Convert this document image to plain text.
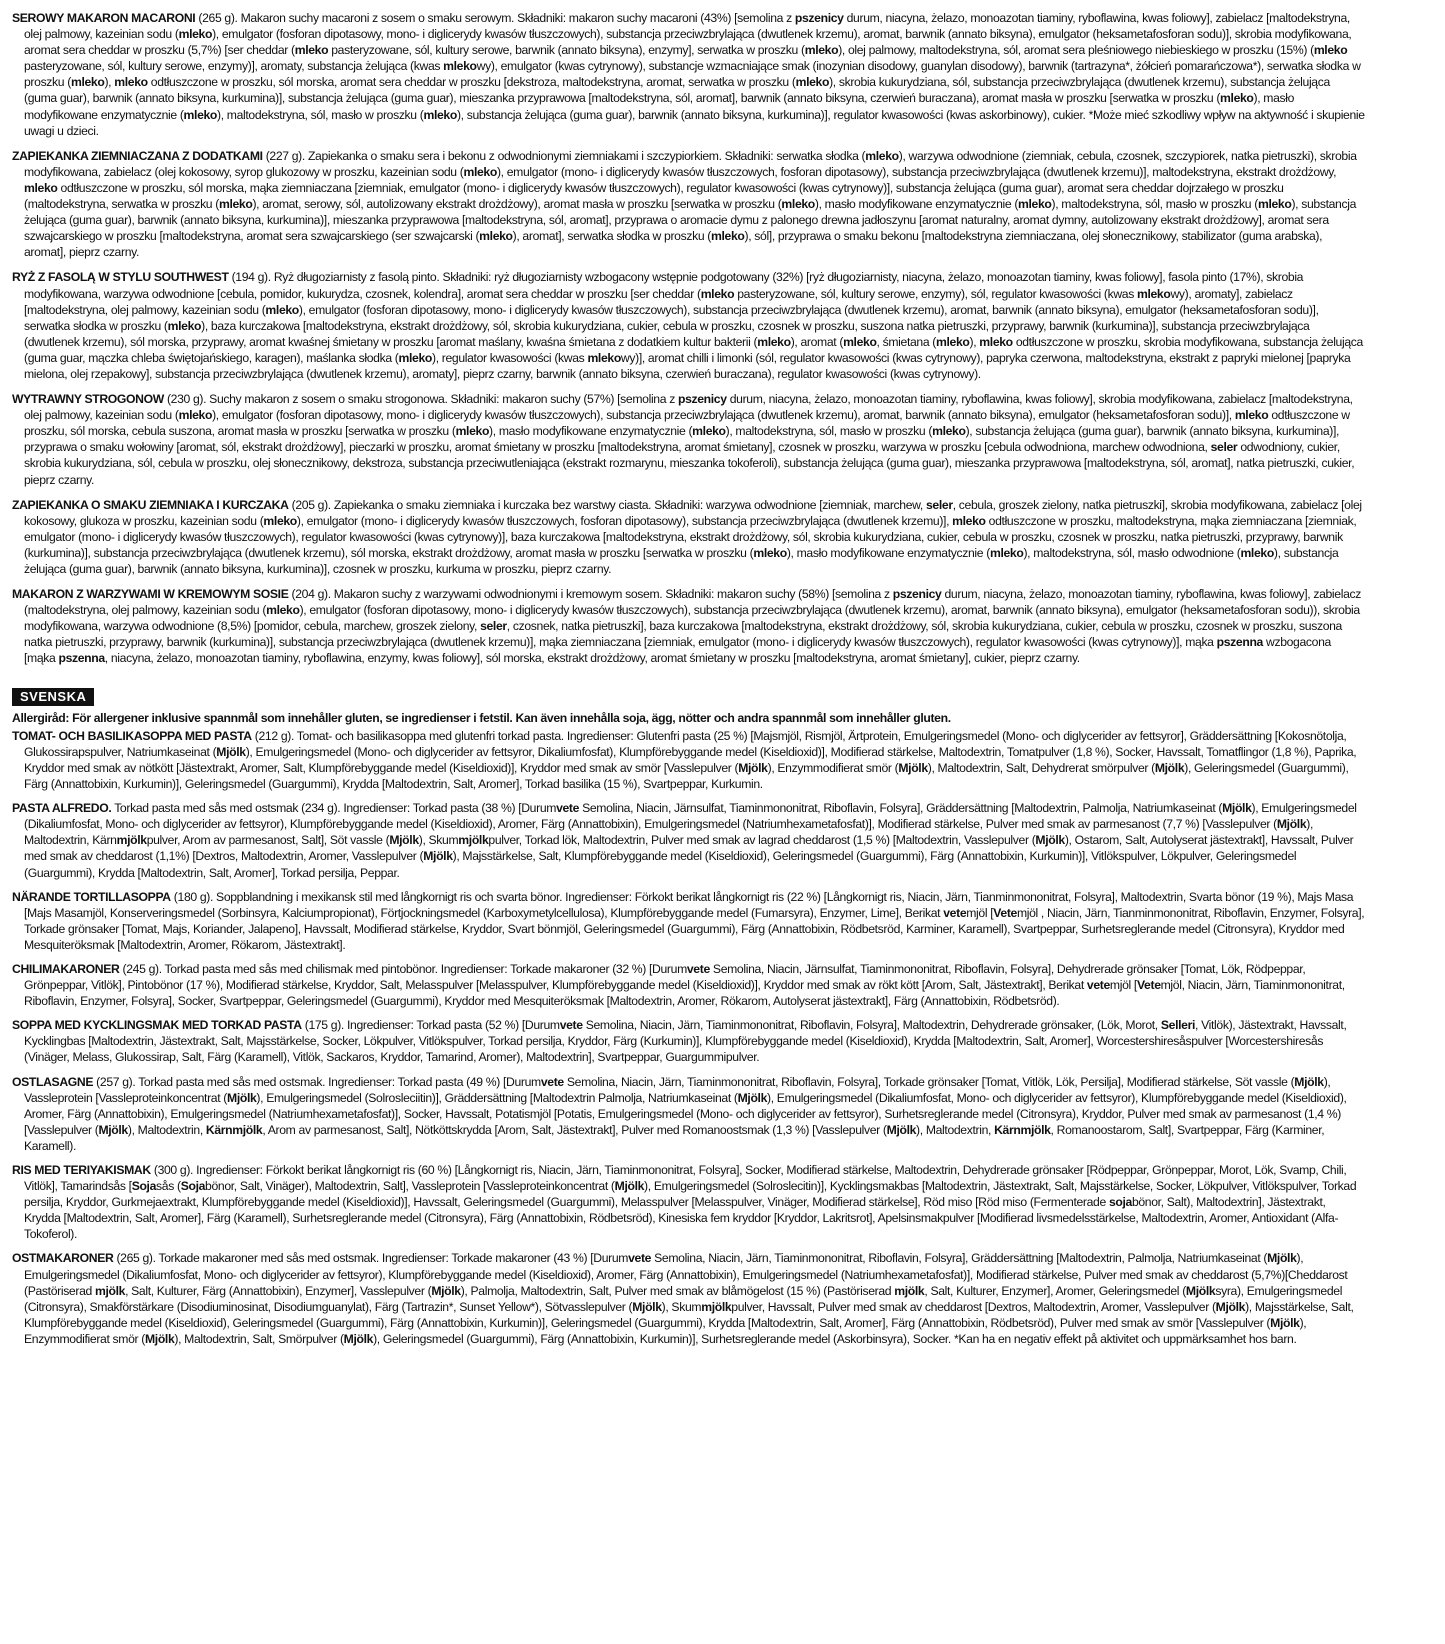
SEROWY MAKARON MACARONI (265 g). Makaron suchy macaroni z sosem o smaku serowym. Składniki: makaron suchy macaroni (43%) [semolina z pszenicy durum, niacyna, żelazo, monoazotan tiaminy, ryboflawina, kwas foliowy], zabielacz [maltodekstryna, olej palmowy, kazeinian sodu (mleko), emulgator (fosforan dipotasowy, mono- i diglicerydy kwasów tłuszczowych), substancja przeciwzbrylająca (dwutlenek krzemu), aromat, barwnik (annato biksyna), emulgator (heksametafosforan sodu)], skrobia modyfikowana, aromat sera cheddar w proszku (5,7%) [ser cheddar (mleko pasteryzowane, sól, kultury serowe, barwnik (annato biksyna), enzymy], serwatka w proszku (mleko), olej palmowy, maltodekstryna, sól, aromat sera pleśniowego niebieskiego w proszku (15%) (mleko pasteryzowane, sól, kultury serowe, enzymy)], aromaty, substancja żelująca (kwas mlekowy), emulgator (kwas cytrynowy), substancje wzmacniające smak (inozynian disodowy, guanylan disodowy), barwnik (tartrazyna*, żółcień pomarańczowa*), serwatka słodka w proszku (mleko), mleko odtłuszczone w proszku, sól morska, aromat sera cheddar w proszku [dekstroza, maltodekstryna, aromat, serwatka w proszku (mleko), skrobia kukurydziana, sól, substancja przeciwzbrylająca (dwutlenek krzemu), substancja żelująca (guma guar), barwnik (annato biksyna, kurkumina)], substancja żelująca (guma guar), mieszanka przyprawowa [maltodekstryna, sól, aromat], barwnik (annato biksyna, czerwień buraczana), aromat masła w proszku [serwatka w proszku (mleko), masło modyfikowane enzymatycznie (mleko), maltodekstryna, sól, masło w proszku (mleko), substancja żelująca (guma guar), barwnik (annato biksyna, kurkumina)], regulator kwasowości (kwas askorbinowy), cukier. *Może mieć szkodliwy wpływ na aktywność i skupienie uwagi u dzieci.
ZAPIEKANKA ZIEMNIACZANA Z DODATKAMI (227 g). Zapiekanka o smaku sera i bekonu z odwodnionymi ziemniakami i szczypiorkiem. Składniki: serwatka słodka (mleko), warzywa odwodnione (ziemniak, cebula, czosnek, szczypiorek, natka pietruszki), skrobia modyfikowana, zabielacz (olej kokosowy, syrop glukozowy w proszku, kazeinian sodu (mleko), emulgator (mono- i diglicerydy kwasów tłuszczowych, fosforan dipotasowy), substancja przeciwzbrylająca (dwutlenek krzemu)], maltodekstryna, ekstrakt drożdżowy, mleko odtłuszczone w proszku, sól morska, mąka ziemniaczana [ziemniak, emulgator (mono- i diglicerydy kwasów tłuszczowych), regulator kwasowości (kwas cytrynowy)], substancja żelująca (guma guar), aromat sera cheddar dojrzałego w proszku (maltodekstryna, serwatka w proszku (mleko), aromat, serowy, sól, autolizowany ekstrakt drożdżowy), aromat masła w proszku [serwatka w proszku (mleko), masło modyfikowane enzymatycznie (mleko), maltodekstryna, sól, masło w proszku (mleko), substancja żelująca (guma guar), barwnik (annato biksyna, kurkumina)], mieszanka przyprawowa [maltodekstryna, sól, aromat], przyprawa o aromacie dymu z palonego drewna jadłoszynu [aromat naturalny, aromat dymny, autolizowany ekstrakt drożdżowy], aromat sera szwajcarskiego w proszku [maltodekstryna, aromat sera szwajcarskiego (ser szwajcarski (mleko), aromat], serwatka słodka w proszku (mleko), sól], przyprawa o smaku bekonu [maltodekstryna ziemniaczana, olej słonecznikowy, stabilizator (guma arabska), aromat], pieprz czarny.
RYŻ Z FASOLĄ W STYLU SOUTHWEST (194 g). Ryż długoziarnisty z fasolą pinto. Składniki: ryż długoziarnisty wzbogacony wstępnie podgotowany (32%) [ryż długoziarnisty, niacyna, żelazo, monoazotan tiaminy, kwas foliowy], fasola pinto (17%), skrobia modyfikowana, warzywa odwodnione [cebula, pomidor, kukurydza, czosnek, kolendra], aromat sera cheddar w proszku [ser cheddar (mleko pasteryzowane, sól, kultury serowe, enzymy), sól, regulator kwasowości (kwas mlekowy), aromaty], zabielacz [maltodekstryna, olej palmowy, kazeinian sodu (mleko), emulgator (fosforan dipotasowy, mono- i diglicerydy kwasów tłuszczowych), substancja przeciwzbrylająca (dwutlenek krzemu), aromat, barwnik (annato biksyna), emulgator (heksametafosforan sodu)], serwatka słodka w proszku (mleko), baza kurczakowa [maltodekstryna, ekstrakt drożdżowy, sól, skrobia kukurydziana, cukier, cebula w proszku, czosnek w proszku, suszona natka pietruszki, przyprawy, barwnik (kurkumina)], substancja przeciwzbrylająca (dwutlenek krzemu), sól morska, przyprawy, aromat kwaśnej śmietany w proszku [aromat maślany, kwaśna śmietana z dodatkiem kultur bakterii (mleko), aromat (mleko, śmietana (mleko), mleko odtłuszczone w proszku, skrobia modyfikowana, substancja żelująca (guma guar, mączka chleba świętojańskiego, karagen), maślanka słodka (mleko), regulator kwasowości (kwas mlekowy)], aromat chilli i limonki (sól, regulator kwasowości (kwas cytrynowy), papryka czerwona, maltodekstryna, ekstrakt z papryki mielonej [papryka mielona, olej rzepakowy], substancja przeciwzbrylająca (dwutlenek krzemu), aromaty], pieprz czarny, barwnik (annato biksyna, czerwień buraczana), regulator kwasowości (kwas cytrynowy).
WYTRAWNY STROGONOW (230 g). Suchy makaron z sosem o smaku strogonowa. Składniki: makaron suchy (57%) [semolina z pszenicy durum, niacyna, żelazo, monoazotan tiaminy, ryboflawina, kwas foliowy], skrobia modyfikowana, zabielacz [maltodekstryna, olej palmowy, kazeinian sodu (mleko), emulgator (fosforan dipotasowy, mono- i diglicerydy kwasów tłuszczowych), substancja przeciwzbrylająca (dwutlenek krzemu), aromat, barwnik (annato biksyna), emulgator (heksametafosforan sodu)], mleko odtłuszczone w proszku, sól morska, cebula suszona, aromat masła w proszku [serwatka w proszku (mleko), masło modyfikowane enzymatycznie (mleko), maltodekstryna, sól, masło w proszku (mleko), substancja żelująca (guma guar), barwnik (annato biksyna, kurkumina)], przyprawa o smaku wołowiny [aromat, sól, ekstrakt drożdżowy], pieczarki w proszku, aromat śmietany w proszku [maltodekstryna, aromat śmietany], czosnek w proszku, warzywa w proszku [cebula odwodniona, marchew odwodniona, seler odwodniony, cukier, skrobia kukurydziana, sól, cebula w proszku, olej słonecznikowy, dekstroza, substancja przeciwutleniająca (ekstrakt rozmarynu, mieszanka tokoferoli), substancja żelująca (guma guar), mieszanka przyprawowa [maltodekstryna, sól, aromat], natka pietruszki, cukier, pieprz czarny.
ZAPIEKANKA O SMAKU ZIEMNIAKA I KURCZAKA (205 g). Zapiekanka o smaku ziemniaka i kurczaka bez warstwy ciasta. Składniki: warzywa odwodnione [ziemniak, marchew, seler, cebula, groszek zielony, natka pietruszki], skrobia modyfikowana, zabielacz [olej kokosowy, glukoza w proszku, kazeinian sodu (mleko), emulgator (mono- i diglicerydy kwasów tłuszczowych, fosforan dipotasowy), substancja przeciwzbrylająca (dwutlenek krzemu)], mleko odtłuszczone w proszku, maltodekstryna, mąka ziemniaczana [ziemniak, emulgator (mono- i diglicerydy kwasów tłuszczowych), regulator kwasowości (kwas cytrynowy)], baza kurczakowa [maltodekstryna, ekstrakt drożdżowy, sól, skrobia kukurydziana, cukier, cebula w proszku, czosnek w proszku, natka pietruszki, przyprawy, barwnik (kurkumina)], substancja przeciwzbrylająca (dwutlenek krzemu), sól morska, ekstrakt drożdżowy, aromat masła w proszku [serwatka w proszku (mleko), masło modyfikowane enzymatycznie (mleko), maltodekstryna, sól, masło odwodnione (mleko), substancja żelująca (guma guar), barwnik (annato biksyna, kurkumina)], czosnek w proszku, kurkuma w proszku, pieprz czarny.
MAKARON Z WARZYWAMI W KREMOWYM SOSIE (204 g). Makaron suchy z warzywami odwodnionymi i kremowym sosem. Składniki: makaron suchy (58%) [semolina z pszenicy durum, niacyna, żelazo, monoazotan tiaminy, ryboflawina, kwas foliowy], zabielacz (maltodekstryna, olej palmowy, kazeinian sodu (mleko), emulgator (fosforan dipotasowy, mono- i diglicerydy kwasów tłuszczowych), substancja przeciwzbrylająca (dwutlenek krzemu), aromat, barwnik (annato biksyna), emulgator (heksametafosforan sodu)), skrobia modyfikowana, warzywa odwodnione (8,5%) [pomidor, cebula, marchew, groszek zielony, seler, czosnek, natka pietruszki], baza kurczakowa [maltodekstryna, ekstrakt drożdżowy, sól, skrobia kukurydziana, cukier, cebula w proszku, czosnek w proszku, suszona natka pietruszki, przyprawy, barwnik (kurkumina)], substancja przeciwzbrylająca (dwutlenek krzemu)], mąka ziemniaczana [ziemniak, emulgator (mono- i diglicerydy kwasów tłuszczowych), regulator kwasowości (kwas cytrynowy)], mąka pszenna wzbogacona [mąka pszenna, niacyna, żelazo, monoazotan tiaminy, ryboflawina, enzymy, kwas foliowy], sól morska, ekstrakt drożdżowy, aromat śmietany w proszku [maltodekstryna, aromat śmietany], cukier, pieprz czarny.
SVENSKA
Allergiråd: För allergener inklusive spannmål som innehåller gluten, se ingredienser i fetstil. Kan även innehålla soja, ägg, nötter och andra spannmål som innehåller gluten.
TOMAT- OCH BASILIKASOPPA MED PASTA (212 g). Tomat- och basilikasoppa med glutenfri torkad pasta. Ingredienser: Glutenfri pasta (25 %) [Majsmjöl, Rismjöl, Ärtprotein, Emulgeringsmedel (Mono- och diglycerider av fettsyror], Gräddersättning [Kokosnötolja, Glukossirapspulver, Natriumkaseinat (Mjölk), Emulgeringsmedel (Mono- och diglycerider av fettsyror, Dikaliumfosfat), Klumpförebyggande medel (Kiseldioxid)], Modifierad stärkelse, Maltodextrin, Tomatpulver (1,8 %), Socker, Havssalt, Tomatflingor (1,8 %), Paprika, Kryddor med smak av nötkött [Jästextrakt, Aromer, Salt, Klumpförebyggande medel (Kiseldioxid)], Kryddor med smak av smör [Vasslepulver (Mjölk), Enzymmodifierat smör (Mjölk), Maltodextrin, Salt, Dehydrerat smörpulver (Mjölk), Geleringsmedel (Guargummi), Färg (Annattobixin, Kurkumin)], Geleringsmedel (Guargummi), Krydda [Maltodextrin, Salt, Aromer], Torkad basilika (15 %), Svartpeppar, Kurkumin.
PASTA ALFREDO. Torkad pasta med sås med ostsmak (234 g). Ingredienser: Torkad pasta (38 %) [Durumvete Semolina, Niacin, Järnsulfat, Tiaminmononitrat, Riboflavin, Folsyra], Gräddersättning [Maltodextrin, Palmolja, Natriumkaseinat (Mjölk), Emulgeringsmedel (Dikaliumfosfat, Mono- och diglycerider av fettsyror), Klumpförebyggande medel (Kiseldioxid), Aromer, Färg (Annattobixin), Emulgeringsmedel (Natriumhexametafosfat)], Modifierad stärkelse, Pulver med smak av parmesanost (7,7 %) [Vasslepulver (Mjölk), Maltodextrin, Kärnmjölkpulver, Arom av parmesanost, Salt], Söt vassle (Mjölk), Skummjölkpulver, Torkad lök, Maltodextrin, Pulver med smak av lagrad cheddarost (1,5 %) [Maltodextrin, Vasslepulver (Mjölk), Ostarom, Salt, Autolyserat jästextrakt], Havssalt, Pulver med smak av cheddarost (1,1%) [Dextros, Maltodextrin, Aromer, Vasslepulver (Mjölk), Majsstärkelse, Salt, Klumpförebyggande medel (Kiseldioxid), Geleringsmedel (Guargummi), Färg (Annattobixin, Kurkumin)], Vitlökspulver, Lökpulver, Geleringsmedel (Guargummi), Krydda [Maltodextrin, Salt, Aromer], Torkad persilja, Peppar.
NÄRANDE TORTILLASOPPA (180 g). Soppblandning i mexikansk stil med långkornigt ris och svarta bönor. Ingredienser: Förkokt berikat långkornigt ris (22 %) [Långkornigt ris, Niacin, Järn, Tianminmononitrat, Folsyra], Maltodextrin, Svarta bönor (19 %), Majs Masa [Majs Masamjöl, Konserveringsmedel (Sorbinsyra, Kalciumpropionat), Förtjockningsmedel (Karboxymetylcellulosa), Klumpförebyggande medel (Fumarsyra), Enzymer, Lime], Berikat vetemjöl [Vetemjöl , Niacin, Järn, Tianminmononitrat, Riboflavin, Enzymer, Folsyra], Torkade grönsaker [Tomat, Majs, Koriander, Jalapeno], Havssalt, Modifierad stärkelse, Kryddor, Svart bönmjöl, Geleringsmedel (Guargummi), Färg (Annattobixin, Rödbetsröd, Karminer, Karamell), Svartpeppar, Surhetsreglerande medel (Citronsyra), Kryddor med Mesquiteröksmak [Maltodextrin, Aromer, Rökarom, Jästextrakt].
CHILIMAKARONER (245 g). Torkad pasta med sås med chilismak med pintobönor. Ingredienser: Torkade makaroner (32 %) [Durumvete Semolina, Niacin, Järnsulfat, Tiaminmononitrat, Riboflavin, Folsyra], Dehydrerade grönsaker [Tomat, Lök, Rödpeppar, Grönpeppar, Vitlök], Pintobönor (17 %), Modifierad stärkelse, Kryddor, Salt, Melasspulver [Melasspulver, Klumpförebyggande medel (Kiseldioxid)], Kryddor med smak av rökt kött [Arom, Salt, Jästextrakt], Berikat vetemjöl [Vetemjöl, Niacin, Järn, Tiaminmononitrat, Riboflavin, Enzymer, Folsyra], Socker, Svartpeppar, Geleringsmedel (Guargummi), Kryddor med Mesquiteröksmak [Maltodextrin, Aromer, Rökarom, Autolyserat jästextrakt], Färg (Annattobixin, Rödbetsröd).
SOPPA MED KYCKLINGSMAK MED TORKAD PASTA (175 g). Ingredienser: Torkad pasta (52 %) [Durumvete Semolina, Niacin, Järn, Tiaminmononitrat, Riboflavin, Folsyra], Maltodextrin, Dehydrerade grönsaker, (Lök, Morot, Selleri, Vitlök), Jästextrakt, Havssalt, Kycklingbas [Maltodextrin, Jästextrakt, Salt, Majsstärkelse, Socker, Lökpulver, Vitlökspulver, Torkad persilja, Kryddor, Färg (Kurkumin)], Klumpförebyggande medel (Kiseldioxid), Krydda [Maltodextrin, Salt, Aromer], Worcestershiresåspulver [Worcestershiresås (Vinäger, Melass, Glukossirap, Salt, Färg (Karamell), Vitlök, Sackaros, Kryddor, Tamarind, Aromer), Maltodextrin], Svartpeppar, Guargummipulver.
OSTLASAGNE (257 g). Torkad pasta med sås med ostsmak. Ingredienser: Torkad pasta (49 %) [Durumvete Semolina, Niacin, Järn, Tiaminmononitrat, Riboflavin, Folsyra], Torkade grönsaker [Tomat, Vitlök, Lök, Persilja], Modifierad stärkelse, Söt vassle (Mjölk), Vassleprotein [Vassleproteinkoncentrat (Mjölk), Emulgeringsmedel (Solrosleciitin)], Gräddersättning [Maltodextrin Palmolja, Natriumkaseinat (Mjölk), Emulgeringsmedel (Dikaliumfosfat, Mono- och diglycerider av fettsyror), Klumpförebyggande medel (Kiseldioxid), Aromer, Färg (Annattobixin), Emulgeringsmedel (Natriumhexametafosfat)], Socker, Havssalt, Potatismjöl [Potatis, Emulgeringsmedel (Mono- och diglycerider av fettsyror), Surhetsreglerande medel (Citronsyra), Kryddor, Pulver med smak av parmesanost (1,4 %) [Vasslepulver (Mjölk), Maltodextrin, Kärnmjölk, Arom av parmesanost, Salt], Nötköttskrydda [Arom, Salt, Jästextrakt], Pulver med Romanoostsmak (1,3 %) [Vasslepulver (Mjölk), Maltodextrin, Kärnmjölk, Romanoostarom, Salt], Svartpeppar, Färg (Karminer, Karamell).
RIS MED TERIYAKISMAK (300 g). Ingredienser: Förkokt berikat långkornigt ris (60 %) [Långkornigt ris, Niacin, Järn, Tiaminmononitrat, Folsyra], Socker, Modifierad stärkelse, Maltodextrin, Dehydrerade grönsaker [Rödpeppar, Grönpeppar, Morot, Lök, Svamp, Chili, Vitlök], Tamarindsås [Sojasås (Sojabönor, Salt, Vinäger), Maltodextrin, Salt], Vassleprotein [Vassleproteinkoncentrat (Mjölk), Emulgeringsmedel (Solroslecitin)], Kycklingsmakbas [Maltodextrin, Jästextrakt, Salt, Majsstärkelse, Socker, Lökpulver, Vitlökspulver, Torkad persilja, Kryddor, Gurkmejaextrakt, Klumpförebyggande medel (Kiseldioxid)], Havssalt, Geleringsmedel (Guargummi), Melasspulver [Melasspulver, Vinäger, Modifierad stärkelse], Röd miso [Röd miso (Fermenterade sojabönor, Salt), Maltodextrin], Jästextrakt, Krydda [Maltodextrin, Salt, Aromer], Färg (Karamell), Surhetsreglerande medel (Citronsyra), Färg (Annattobixin, Rödbetsröd), Kinesiska fem kryddor [Kryddor, Lakritsrot], Apelsinsmakpulver [Modifierad livsmedelsstärkelse, Maltodextrin, Aromer, Antioxidant (Alfa-Tokoferol).
OSTMAKARONER (265 g). Torkade makaroner med sås med ostsmak. Ingredienser: Torkade makaroner (43 %) [Durumvete Semolina, Niacin, Järn, Tiaminmononitrat, Riboflavin, Folsyra], Gräddersättning [Maltodextrin, Palmolja, Natriumkaseinat (Mjölk), Emulgeringsmedel (Dikaliumfosfat, Mono- och diglycerider av fettsyror), Klumpförebyggande medel (Kiseldioxid), Aromer, Färg (Annattobixin), Emulgeringsmedel (Natriumhexametafosfat)], Modifierad stärkelse, Pulver med smak av cheddarost (5,7%)[Cheddarost (Pastöriserad mjölk, Salt, Kulturer, Färg (Annattobixin), Enzymer], Vasslepulver (Mjölk), Palmolja, Maltodextrin, Salt, Pulver med smak av blåmögelost (15 %) (Pastöriserad mjölk, Salt, Kulturer, Enzymer], Aromer, Geleringsmedel (Mjölksyra), Emulgeringsmedel (Citronsyra), Smakförstärkare (Disodiuminosinat, Disodiumguanylat), Färg (Tartrazin*, Sunset Yellow*), Sötvasslepulver (Mjölk), Skummjölkpulver, Havssalt, Pulver med smak av cheddarost [Dextros, Maltodextrin, Aromer, Vasslepulver (Mjölk), Majsstärkelse, Salt, Klumpförebyggande medel (Kiseldioxid), Geleringsmedel (Guargummi), Färg (Annattobixin, Kurkumin)], Geleringsmedel (Guargummi), Krydda [Maltodextrin, Salt, Aromer], Färg (Annattobixin, Rödbetsröd), Pulver med smak av smör [Vasslepulver (Mjölk), Enzymmodifierat smör (Mjölk), Maltodextrin, Salt, Smörpulver (Mjölk), Geleringsmedel (Guargummi), Färg (Annattobixin, Kurkumin)], Surhetsreglerande medel (Askorbinsyra), Socker. *Kan ha en negativ effekt på aktivitet och uppmärksamhet hos barn.
